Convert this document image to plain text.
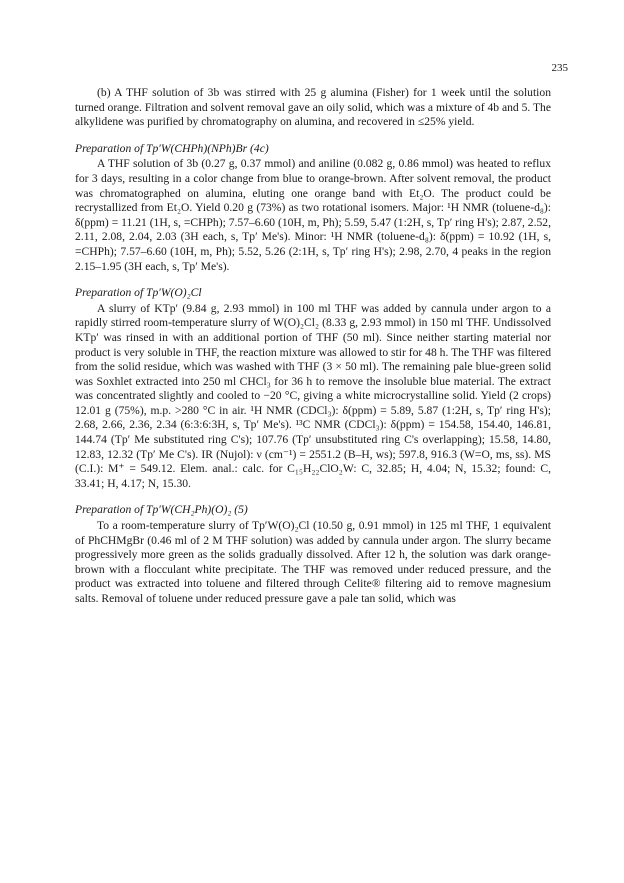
235

(b) A THF solution of 3b was stirred with 25 g alumina (Fisher) for 1 week until the solution turned orange. Filtration and solvent removal gave an oily solid, which was a mixture of 4b and 5. The alkylidene was purified by chromatography on alumina, and recovered in ≤25% yield.

Preparation of Tp′W(CHPh)(NPh)Br (4c)

A THF solution of 3b (0.27 g, 0.37 mmol) and aniline (0.082 g, 0.86 mmol) was heated to reflux for 3 days, resulting in a color change from blue to orange-brown. After solvent removal, the product was chromatographed on alumina, eluting one orange band with Et₂O. The product could be recrystallized from Et₂O. Yield 0.20 g (73%) as two rotational isomers. Major: ¹H NMR (toluene-d₈): δ(ppm) = 11.21 (1H, s, =CHPh); 7.57–6.60 (10H, m, Ph); 5.59, 5.47 (1:2H, s, Tp′ ring H's); 2.87, 2.52, 2.11, 2.08, 2.04, 2.03 (3H each, s, Tp′ Me's). Minor: ¹H NMR (toluene-d₈): δ(ppm) = 10.92 (1H, s, =CHPh); 7.57–6.60 (10H, m, Ph); 5.52, 5.26 (2:1H, s, Tp′ ring H's); 2.98, 2.70, 4 peaks in the region 2.15–1.95 (3H each, s, Tp′ Me's).

Preparation of Tp′W(O)₂Cl

A slurry of KTp′ (9.84 g, 2.93 mmol) in 100 ml THF was added by cannula under argon to a rapidly stirred room-temperature slurry of W(O)₂Cl₂ (8.33 g, 2.93 mmol) in 150 ml THF. Undissolved KTp′ was rinsed in with an additional portion of THF (50 ml). Since neither starting material nor product is very soluble in THF, the reaction mixture was allowed to stir for 48 h. The THF was filtered from the solid residue, which was washed with THF (3 × 50 ml). The remaining pale blue-green solid was Soxhlet extracted into 250 ml CHCl₃ for 36 h to remove the insoluble blue material. The extract was concentrated slightly and cooled to −20 °C, giving a white microcrystalline solid. Yield (2 crops) 12.01 g (75%), m.p. >280 °C in air. ¹H NMR (CDCl₃): δ(ppm) = 5.89, 5.87 (1:2H, s, Tp′ ring H's); 2.68, 2.66, 2.36, 2.34 (6:3:6:3H, s, Tp′ Me's). ¹³C NMR (CDCl₃): δ(ppm) = 154.58, 154.40, 146.81, 144.74 (Tp′ Me substituted ring C's); 107.76 (Tp′ unsubstituted ring C's overlapping); 15.58, 14.80, 12.83, 12.32 (Tp′ Me C's). IR (Nujol): ν (cm⁻¹) = 2551.2 (B–H, ws); 597.8, 916.3 (W=O, ms, ss). MS (C.I.): M⁺ = 549.12. Elem. anal.: calc. for C₁₅H₂₂ClO₂W: C, 32.85; H, 4.04; N, 15.32; found: C, 33.41; H, 4.17; N, 15.30.

Preparation of Tp′W(CH₂Ph)(O)₂ (5)

To a room-temperature slurry of Tp′W(O)₂Cl (10.50 g, 0.91 mmol) in 125 ml THF, 1 equivalent of PhCHMgBr (0.46 ml of 2 M THF solution) was added by cannula under argon. The slurry became progressively more green as the solids gradually dissolved. After 12 h, the solution was dark orange-brown with a flocculant white precipitate. The THF was removed under reduced pressure, and the product was extracted into toluene and filtered through Celite® filtering aid to remove magnesium salts. Removal of toluene under reduced pressure gave a pale tan solid, which was
